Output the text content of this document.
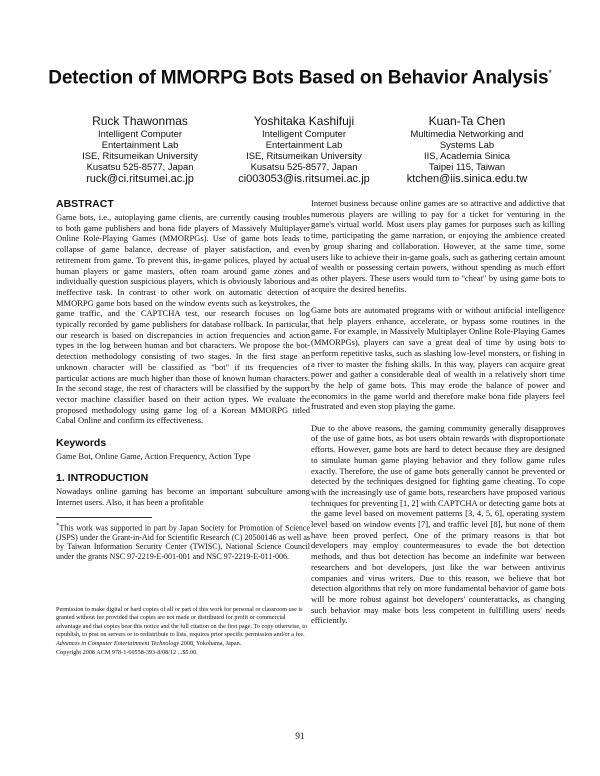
Detection of MMORPG Bots Based on Behavior Analysis*
Ruck Thawonmas
Intelligent Computer
Entertainment Lab
ISE, Ritsumeikan University
Kusatsu 525-8577, Japan
ruck@ci.ritsumei.ac.jp
Yoshitaka Kashifuji
Intelligent Computer
Entertainment Lab
ISE, Ritsumeikan University
Kusatsu 525-8577, Japan
ci003053@is.ritsumei.ac.jp
Kuan-Ta Chen
Multimedia Networking and
Systems Lab
IIS, Academia Sinica
Taipei 115, Taiwan
ktchen@iis.sinica.edu.tw
ABSTRACT

Game bots, i.e., autoplaying game clients, are currently causing troubles to both game publishers and bona fide players of Massively Multiplayer Online Role-Playing Games (MMORPGs). Use of game bots leads to collapse of game balance, decrease of player satisfaction, and even retirement from game. To prevent this, in-game polices, played by actual human players or game masters, often roam around game zones and individually question suspicious players, which is obviously laborious and ineffective task. In contrast to other work on automatic detection of MMORPG game bots based on the window events such as keystrokes, the game traffic, and the CAPTCHA test, our research focuses on log typically recorded by game publishers for database rollback. In particular, our research is based on discrepancies in action frequencies and action types in the log between human and bot characters. We propose the bot-detection methodology consisting of two stages. In the first stage an unknown character will be classified as "bot" if its frequencies of particular actions are much higher than those of known human characters. In the second stage, the rest of characters will be classified by the support vector machine classifier based on their action types. We evaluate the proposed methodology using game log of a Korean MMORPG titled Cabal Online and confirm its effectiveness.

Keywords

Game Bot, Online Game, Action Frequency, Action Type

1. INTRODUCTION

Nowadays online gaming has become an important subculture among Internet users. Also, it has been a profitable

*This work was supported in part by Japan Society for Promotion of Science (JSPS) under the Grant-in-Aid for Scientific Research (C) 20500146 as well as by Taiwan Information Security Center (TWISC), National Science Council under the grants NSC 97-2219-E-001-001 and NSC 97-2219-E-011-006.

Permission to make digital or hard copies of all or part of this work for personal or classroom use is granted without fee provided that copies are not made or distributed for profit or commercial advantage and that copies bear this notice and the full citation on the first page. To copy otherwise, to republish, to post on servers or to redistribute to lists, requires prior specific permission and/or a fee.
Advances in Computer Entertainment Technology 2008, Yokohama, Japan.
Copyright 2008 ACM 978-1-60558-393-8/08/12 ...$5.00.

Internet business because online games are so attractive and addictive that numerous players are willing to pay for a ticket for venturing in the game's virtual world. Most users play games for purposes such as killing time, participating the game narration, or enjoying the ambience created by group sharing and collaboration. However, at the same time, some users like to achieve their in-game goals, such as gathering certain amount of wealth or possessing certain powers, without spending as much effort as other players. These users would turn to "cheat" by using game bots to acquire the desired benefits.

Game bots are automated programs with or without artificial intelligence that help players enhance, accelerate, or bypass some routines in the game. For example, in Massively Multiplayer Online Role-Playing Games (MMORPGs), players can save a great deal of time by using bots to perform repetitive tasks, such as slashing low-level monsters, or fishing in a river to master the fishing skills. In this way, players can acquire great power and gather a considerable deal of wealth in a relatively short time by the help of game bots. This may erode the balance of power and economics in the game world and therefore make bona fide players feel frustrated and even stop playing the game.

Due to the above reasons, the gaming community generally disapproves of the use of game bots, as bot users obtain rewards with disproportionate efforts. However, game bots are hard to detect because they are designed to simulate human game playing behavior and they follow game rules exactly. Therefore, the use of game bots generally cannot be prevented or detected by the techniques designed for fighting game cheating. To cope with the increasingly use of game bots, researchers have proposed various techniques for preventing [1, 2] with CAPTCHA or detecting game bots at the game level based on movement patterns [3, 4, 5, 6], operating system level based on window events [7], and traffic level [8], but none of them have been proved perfect. One of the primary reasons is that bot developers may employ countermeasures to evade the bot detection methods, and thus bot detection has become an indefinite war between researchers and bot developers, just like the war between antivirus companies and virus writers. Due to this reason, we believe that bot detection algorithms that rely on more fundamental behavior of game bots will be more robust against bot developers' counterattacks, as changing such behavior may make bots less competent in fulfilling users' needs efficiently.

91
